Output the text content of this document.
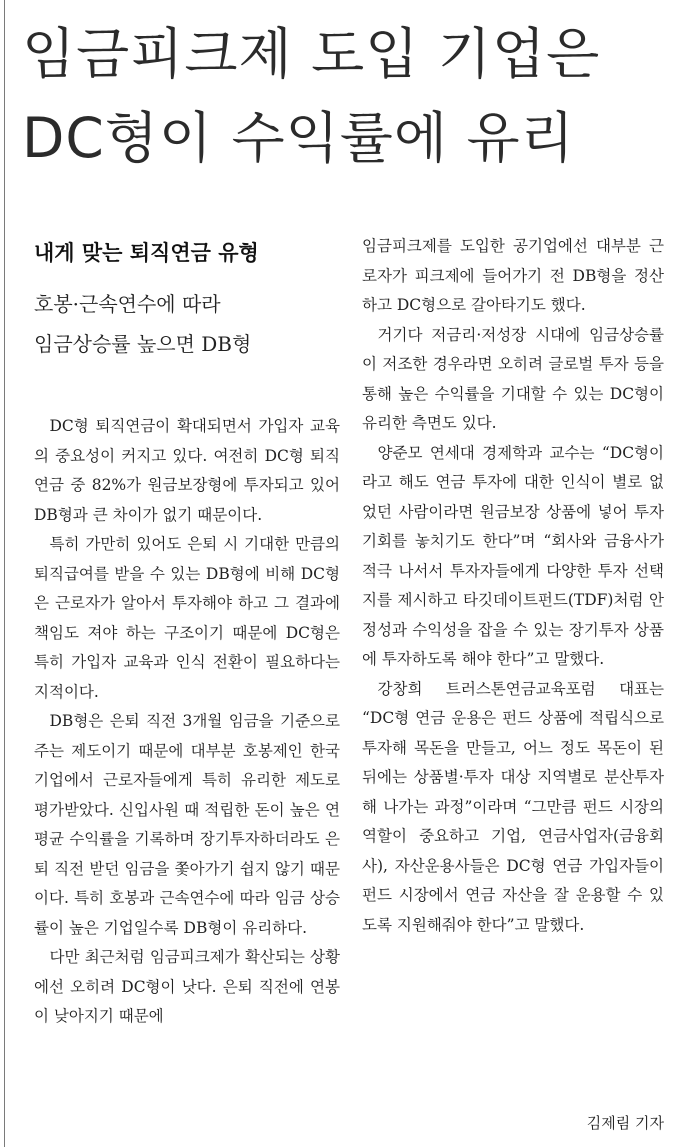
임금피크제 도입 기업은
DC형이 수익률에 유리
내게 맞는 퇴직연금 유형
호봉·근속연수에 따라
임금상승률 높으면 DB형

DC형 퇴직연금이 확대되면서 가입자 교육의 중요성이 커지고 있다. 여전히 DC형 퇴직연금 중 82%가 원금보장형에 투자되고 있어 DB형과 큰 차이가 없기 때문이다.

특히 가만히 있어도 은퇴 시 기대한 만큼의 퇴직급여를 받을 수 있는 DB형에 비해 DC형은 근로자가 알아서 투자해야 하고 그 결과에 책임도 져야 하는 구조이기 때문에 DC형은 특히 가입자 교육과 인식 전환이 필요하다는 지적이다.

DB형은 은퇴 직전 3개월 임금을 기준으로 주는 제도이기 때문에 대부분 호봉제인 한국 기업에서 근로자들에게 특히 유리한 제도로 평가받았다. 신입사원 때 적립한 돈이 높은 연평균 수익률을 기록하며 장기투자하더라도 은퇴 직전 받던 임금을 쫓아가기 쉽지 않기 때문이다. 특히 호봉과 근속연수에 따라 임금 상승률이 높은 기업일수록 DB형이 유리하다.

다만 최근처럼 임금피크제가 확산되는 상황에선 오히려 DC형이 낫다. 은퇴 직전에 연봉이 낮아지기 때문에

임금피크제를 도입한 공기업에선 대부분 근로자가 피크제에 들어가기 전 DB형을 정산하고 DC형으로 갈아타기도 했다.

거기다 저금리·저성장 시대에 임금상승률이 저조한 경우라면 오히려 글로벌 투자 등을 통해 높은 수익률을 기대할 수 있는 DC형이 유리한 측면도 있다.

양준모 연세대 경제학과 교수는 “DC형이라고 해도 연금 투자에 대한 인식이 별로 없었던 사람이라면 원금보장 상품에 넣어 투자 기회를 놓치기도 한다”며 “회사와 금융사가 적극 나서서 투자자들에게 다양한 투자 선택지를 제시하고 타깃데이트펀드(TDF)처럼 안정성과 수익성을 잡을 수 있는 장기투자 상품에 투자하도록 해야 한다”고 말했다.

강창희 트러스톤연금교육포럼 대표는 “DC형 연금 운용은 펀드 상품에 적립식으로 투자해 목돈을 만들고, 어느 정도 목돈이 된 뒤에는 상품별·투자 대상 지역별로 분산투자해 나가는 과정”이라며 “그만큼 펀드 시장의 역할이 중요하고 기업, 연금사업자(금융회사), 자산운용사들은 DC형 연금 가입자들이 펀드 시장에서 연금 자산을 잘 운용할 수 있도록 지원해줘야 한다”고 말했다.

김제림 기자
